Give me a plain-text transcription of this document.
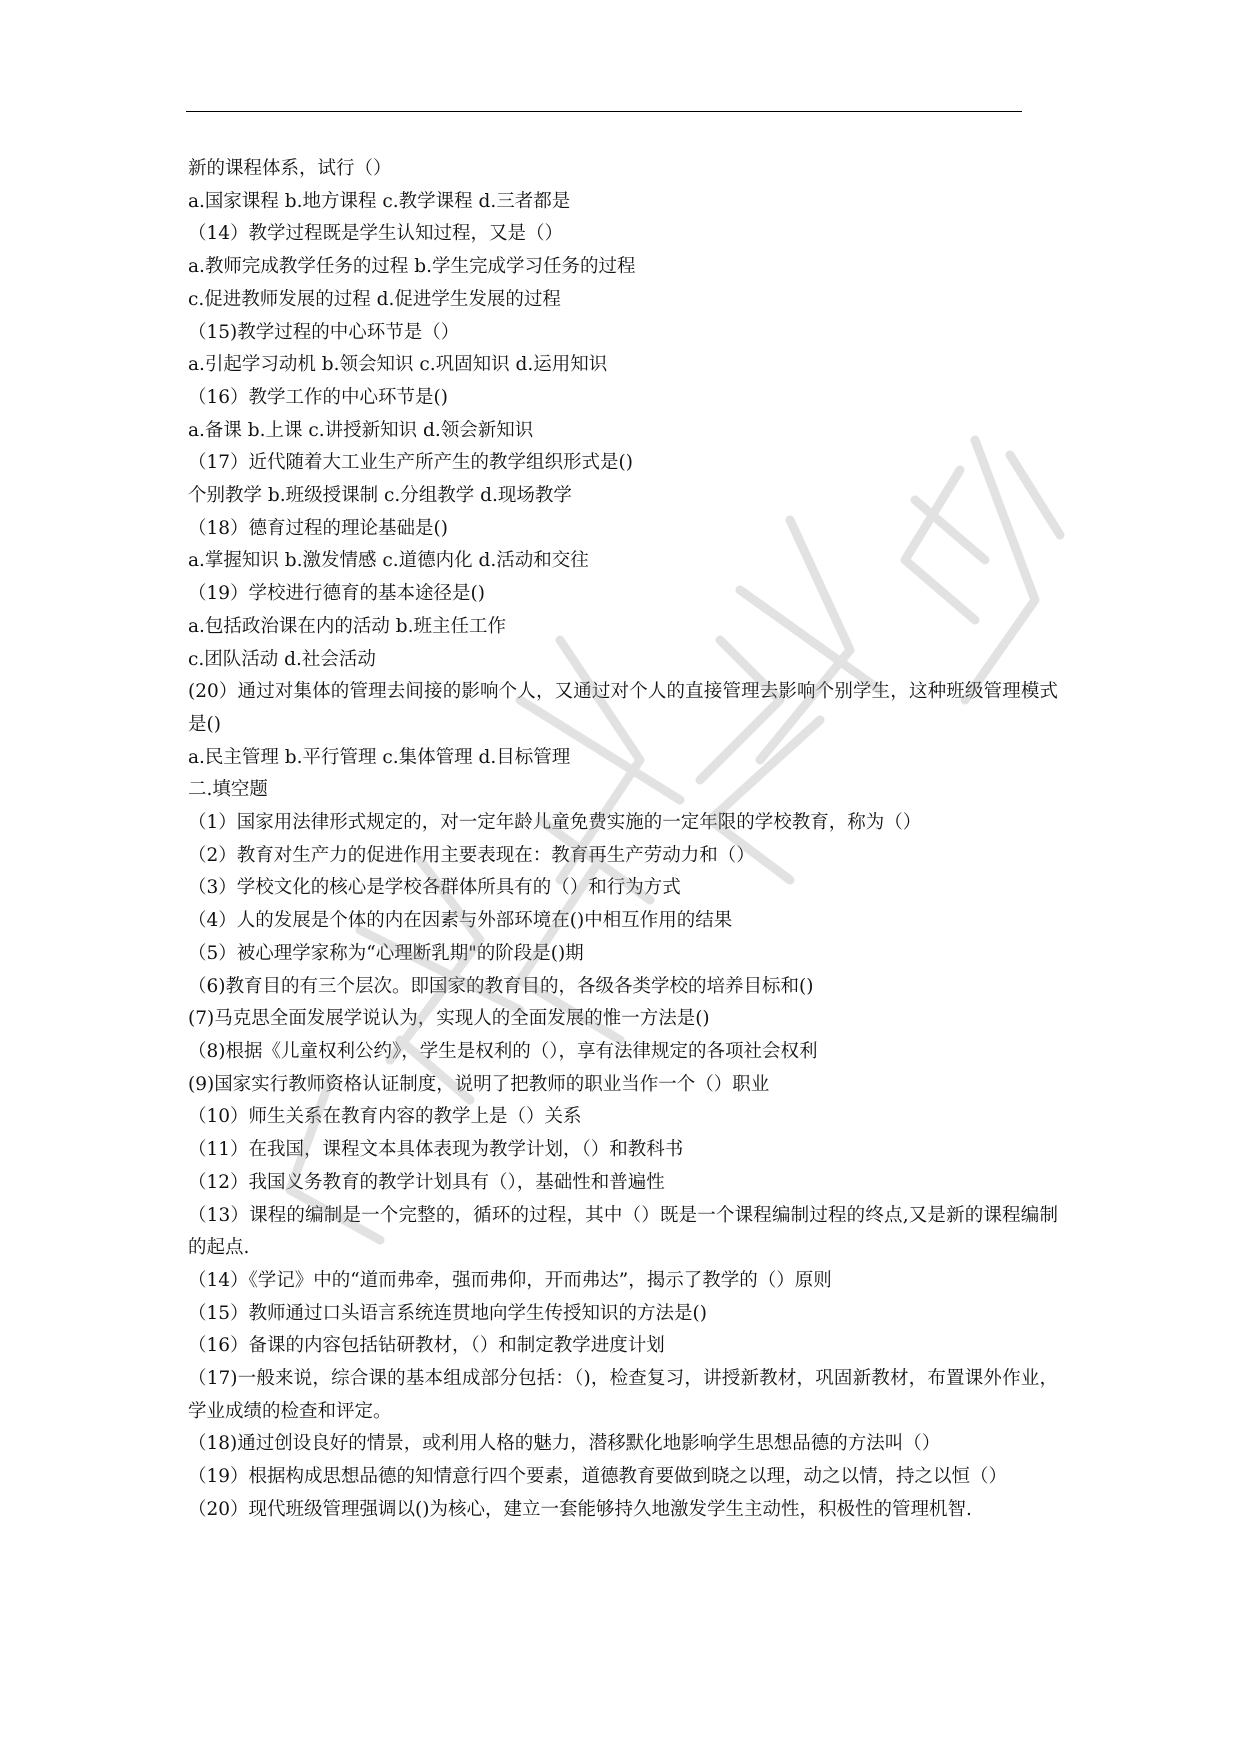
新的课程体系，试行（）

a.国家课程 b.地方课程 c.教学课程 d.三者都是

（14）教学过程既是学生认知过程，又是（）

a.教师完成教学任务的过程 b.学生完成学习任务的过程

c.促进教师发展的过程 d.促进学生发展的过程

（15)教学过程的中心环节是（）

a.引起学习动机 b.领会知识 c.巩固知识 d.运用知识

（16）教学工作的中心环节是()

a.备课 b.上课 c.讲授新知识 d.领会新知识

（17）近代随着大工业生产所产生的教学组织形式是()

个别教学 b.班级授课制 c.分组教学 d.现场教学

（18）德育过程的理论基础是()

a.掌握知识 b.激发情感 c.道德内化 d.活动和交往

（19）学校进行德育的基本途径是()

a.包括政治课在内的活动 b.班主任工作

c.团队活动 d.社会活动

(20）通过对集体的管理去间接的影响个人，又通过对个人的直接管理去影响个别学生，这种班级管理模式是()

a.民主管理 b.平行管理 c.集体管理 d.目标管理

二.填空题

（1）国家用法律形式规定的，对一定年龄儿童免费实施的一定年限的学校教育，称为（）

（2）教育对生产力的促进作用主要表现在：教育再生产劳动力和（）

（3）学校文化的核心是学校各群体所具有的（）和行为方式

（4）人的发展是个体的内在因素与外部环境在()中相互作用的结果

（5）被心理学家称为“心理断乳期"的阶段是()期

（6)教育目的有三个层次。即国家的教育目的，各级各类学校的培养目标和()

(7)马克思全面发展学说认为，实现人的全面发展的惟一方法是()

（8)根据《儿童权利公约》，学生是权利的（），享有法律规定的各项社会权利

(9)国家实行教师资格认证制度，说明了把教师的职业当作一个（）职业

（10）师生关系在教育内容的教学上是（）关系

（11）在我国，课程文本具体表现为教学计划，（）和教科书

（12）我国义务教育的教学计划具有（），基础性和普遍性

（13）课程的编制是一个完整的，循环的过程，其中（）既是一个课程编制过程的终点,又是新的课程编制的起点.

（14）《学记》中的“道而弗牵，强而弗仰，开而弗达”，揭示了教学的（）原则

（15）教师通过口头语言系统连贯地向学生传授知识的方法是()

（16）备课的内容包括钻研教材，（）和制定教学进度计划

（17)一般来说，综合课的基本组成部分包括：（)，检查复习，讲授新教材，巩固新教材，布置课外作业，学业成绩的检查和评定。

（18)通过创设良好的情景，或利用人格的魅力，潜移默化地影响学生思想品德的方法叫（）

（19）根据构成思想品德的知情意行四个要素，道德教育要做到晓之以理，动之以情，持之以恒（）

（20）现代班级管理强调以()为核心，建立一套能够持久地激发学生主动性，积极性的管理机智.
